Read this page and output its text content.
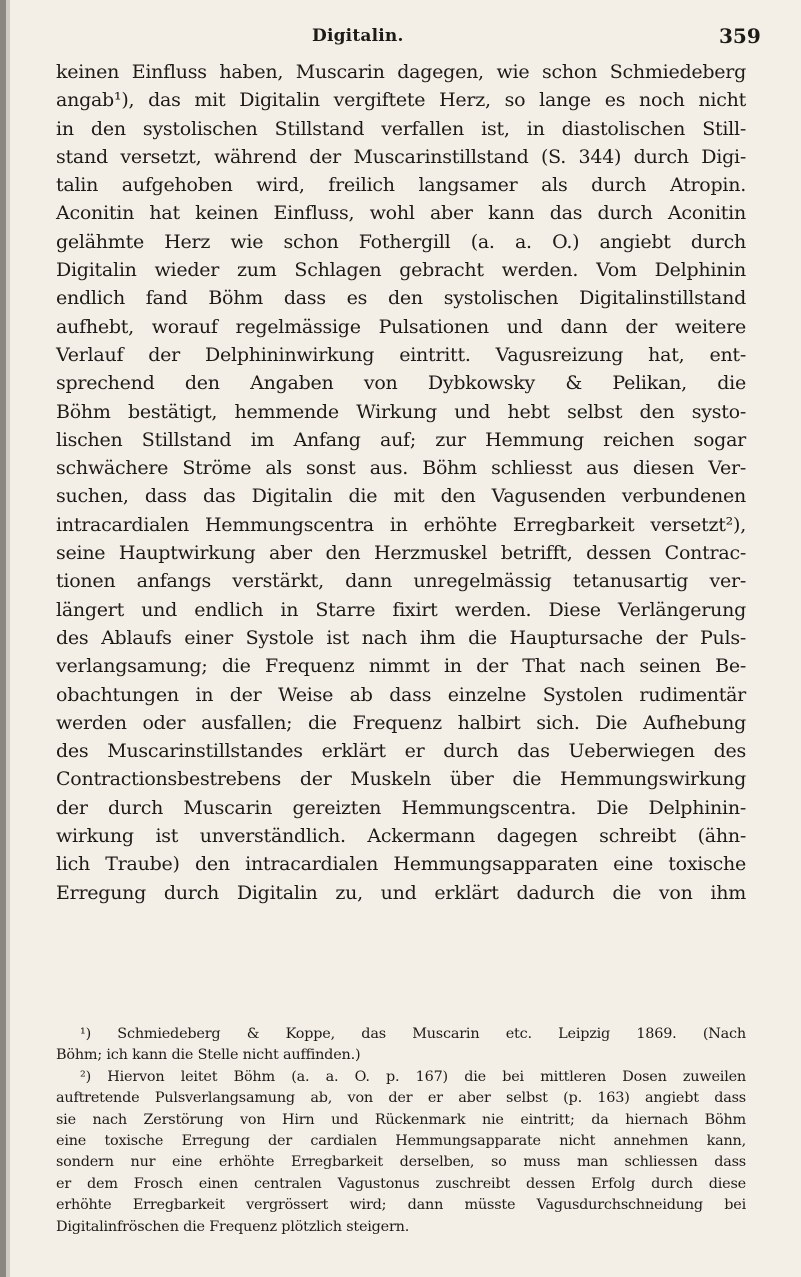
Digitalin.	359
keinen Einfluss haben, Muscarin dagegen, wie schon Schmiedeberg
angab¹), das mit Digitalin vergiftete Herz, so lange es noch nicht
in den systolischen Stillstand verfallen ist, in diastolischen Still-
stand versetzt, während der Muscarinstillstand (S. 344) durch Digi-
talin aufgehoben wird, freilich langsamer als durch Atropin.
Aconitin hat keinen Einfluss, wohl aber kann das durch Aconitin
gelähmte Herz wie schon Fothergill (a. a. O.) angiebt durch
Digitalin wieder zum Schlagen gebracht werden. Vom Delphinin
endlich fand Böhm dass es den systolischen Digitalinstillstand
aufhebt, worauf regelmässige Pulsationen und dann der weitere
Verlauf der Delphininwirkung eintritt. Vagusreizung hat, ent-
sprechend den Angaben von Dybkowsky & Pelikan, die
Böhm bestätigt, hemmende Wirkung und hebt selbst den systo-
lischen Stillstand im Anfang auf; zur Hemmung reichen sogar
schwächere Ströme als sonst aus. Böhm schliesst aus diesen Ver-
suchen, dass das Digitalin die mit den Vagusenden verbundenen
intracardialen Hemmungscentra in erhöhte Erregbarkeit versetzt²),
seine Hauptwirkung aber den Herzmuskel betrifft, dessen Contrac-
tionen anfangs verstärkt, dann unregelmässig tetanusartig ver-
längert und endlich in Starre fixirt werden. Diese Verlängerung
des Ablaufs einer Systole ist nach ihm die Hauptursache der Puls-
verlangsamung; die Frequenz nimmt in der That nach seinen Be-
obachtungen in der Weise ab dass einzelne Systolen rudimentär
werden oder ausfallen; die Frequenz halbirt sich. Die Aufhebung
des Muscarinstillstandes erklärt er durch das Ueberwiegen des
Contractionsbestrebens der Muskeln über die Hemmungswirkung
der durch Muscarin gereizten Hemmungscentra. Die Delphinin-
wirkung ist unverständlich. Ackermann dagegen schreibt (ähn-
lich Traube) den intracardialen Hemmungsapparaten eine toxische
Erregung durch Digitalin zu, und erklärt dadurch die von ihm
¹) Schmiedeberg & Koppe, das Muscarin etc. Leipzig 1869. (Nach
Böhm; ich kann die Stelle nicht auffinden.)
²) Hiervon leitet Böhm (a. a. O. p. 167) die bei mittleren Dosen zuweilen
auftretende Pulsverlangsamung ab, von der er aber selbst (p. 163) angiebt dass
sie nach Zerstörung von Hirn und Rückenmark nie eintritt; da hiernach Böhm
eine toxische Erregung der cardialen Hemmungsapparate nicht annehmen kann,
sondern nur eine erhöhte Erregbarkeit derselben, so muss man schliessen dass
er dem Frosch einen centralen Vagustonus zuschreibt dessen Erfolg durch diese
erhöhte Erregbarkeit vergrössert wird; dann müsste Vagusdurchschneidung bei
Digitalinfröschen die Frequenz plötzlich steigern.
